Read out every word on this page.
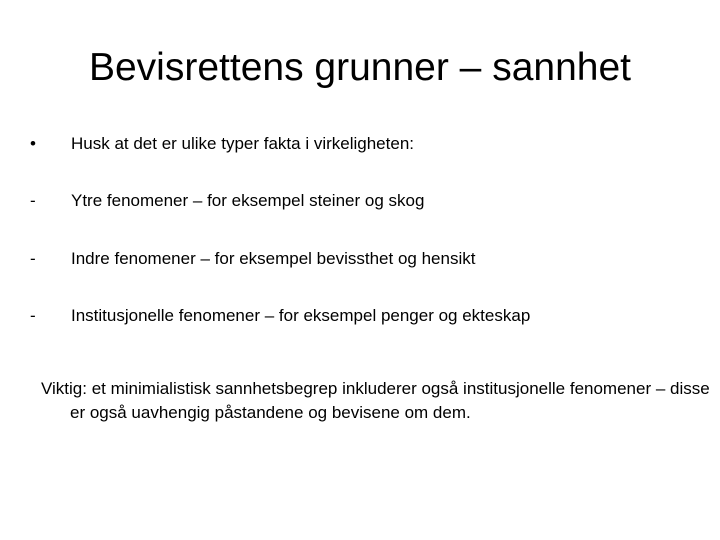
Bevisrettens grunner – sannhet
•	Husk at det er ulike typer fakta i virkeligheten:
-	Ytre fenomener – for eksempel steiner og skog
-	Indre fenomener – for eksempel bevissthet og hensikt
-	Institusjonelle fenomener – for eksempel penger og ekteskap

Viktig: et minimialistisk sannhetsbegrep inkluderer også institusjonelle fenomener – disse er også uavhengig påstandene og bevisene om dem.
